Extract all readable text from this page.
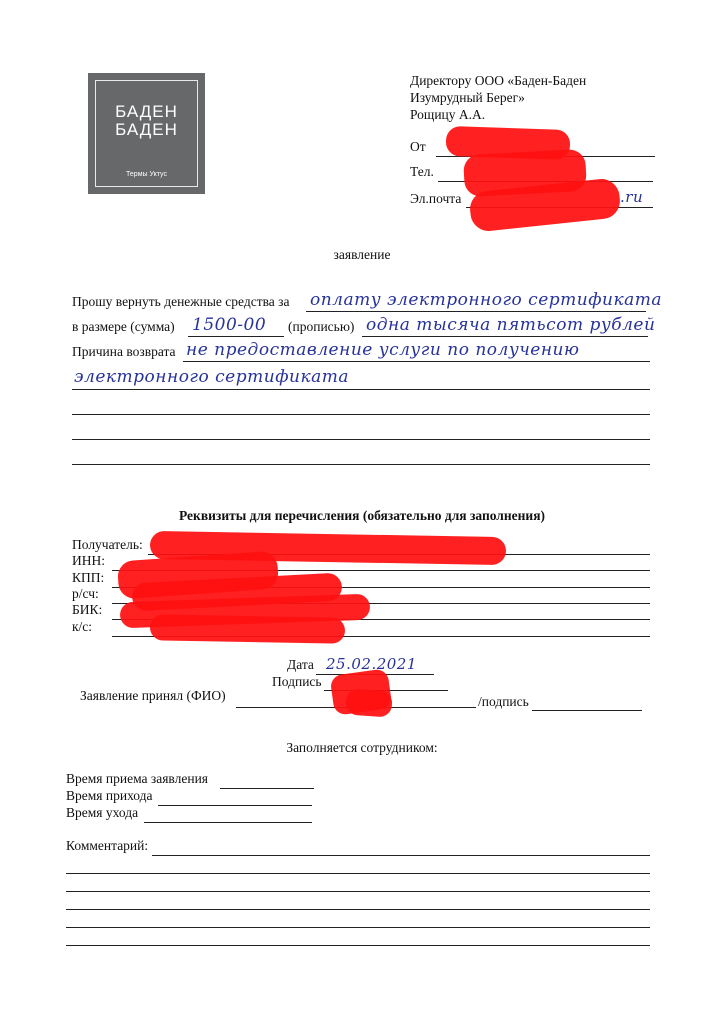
БАДЕН
БАДЕН
Термы Уктус
Директору ООО «Баден-Баден
Изумрудный Берег»
Рощицу А.А.
От
Тел.
Эл.почта	.ru
заявление
Прошу вернуть денежные средства за оплату электронного сертификата
в размере (сумма) 1500-00 (прописью) одна тысяча пятьсот рублей
Причина возврата не предоставление услуги по получению
электронного сертификата
Реквизиты для перечисления (обязательно для заполнения)
Получатель:
ИНН:
КПП:
р/сч:
БИК:
к/с:
Дата 25.02.2021
Подпись
Заявление принял (ФИО)	/подпись
Заполняется сотрудником:
Время приема заявления
Время прихода
Время ухода
Комментарий:
